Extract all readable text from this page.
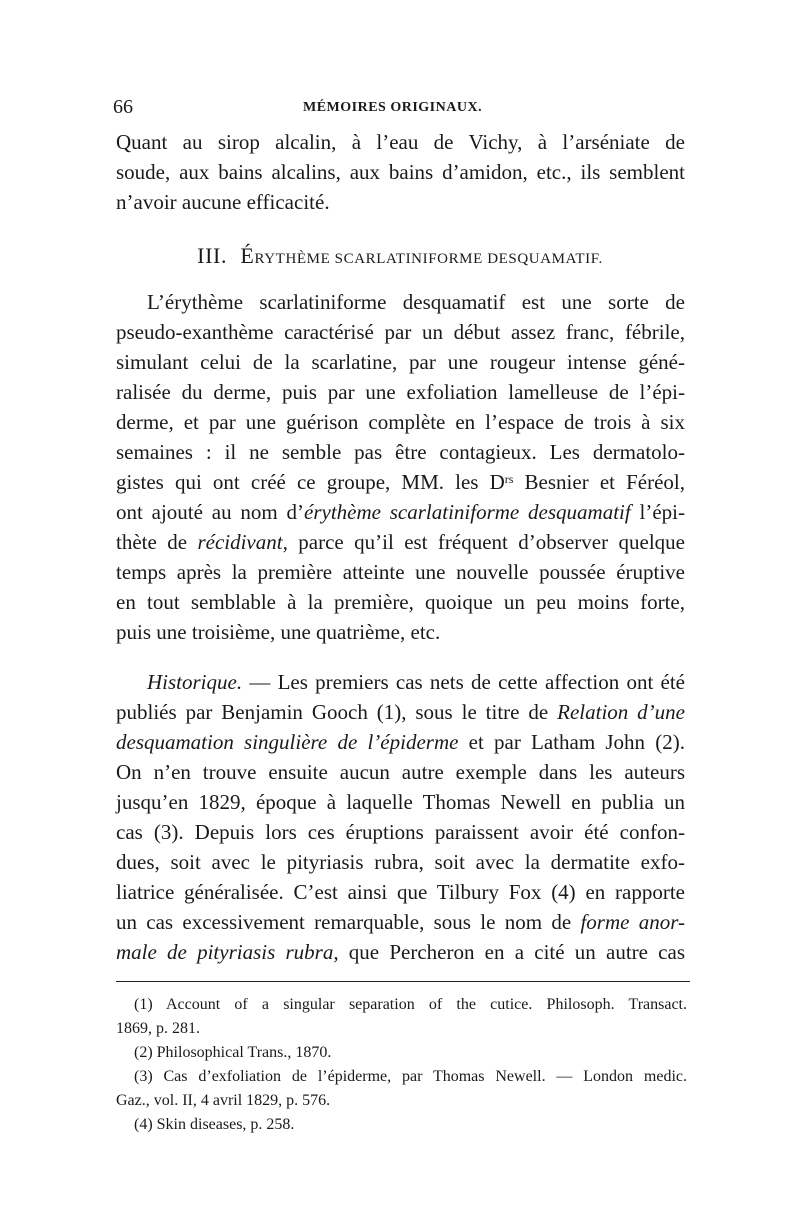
66	MÉMOIRES ORIGINAUX.
Quant au sirop alcalin, à l’eau de Vichy, à l’arséniate de
soude, aux bains alcalins, aux bains d’amidon, etc., ils semblent
n’avoir aucune efficacité.
III. ÉRYTHÈME SCARLATINIFORME DESQUAMATIF.
L’érythème scarlatiniforme desquamatif est une sorte de
pseudo-exanthème caractérisé par un début assez franc, fébrile,
simulant celui de la scarlatine, par une rougeur intense géné-
ralisée du derme, puis par une exfoliation lamelleuse de l’épi-
derme, et par une guérison complète en l’espace de trois à six
semaines : il ne semble pas être contagieux. Les dermatolo-
gistes qui ont créé ce groupe, MM. les $D^{rs}$ Besnier et Féréol,
ont ajouté au nom d’érythème scarlatiniforme desquamatif l’épi-
thète de récidivant, parce qu’il est fréquent d’observer quelque
temps après la première atteinte une nouvelle poussée éruptive
en tout semblable à la première, quoique un peu moins forte,
puis une troisième, une quatrième, etc.
Historique. — Les premiers cas nets de cette affection ont été
publiés par Benjamin Gooch (1), sous le titre de Relation d’une
desquamation singulière de l’épiderme et par Latham John (2).
On n’en trouve ensuite aucun autre exemple dans les auteurs
jusqu’en 1829, époque à laquelle Thomas Newell en publia un
cas (3). Depuis lors ces éruptions paraissent avoir été confon-
dues, soit avec le pityriasis rubra, soit avec la dermatite exfo-
liatrice généralisée. C’est ainsi que Tilbury Fox (4) en rapporte
un cas excessivement remarquable, sous le nom de forme anor-
male de pityriasis rubra, que Percheron en a cité un autre cas
(1) Account of a singular separation of the cutice. Philosoph. Transact.
1869, p. 281.
(2) Philosophical Trans., 1870.
(3) Cas d’exfoliation de l’épiderme, par Thomas Newell. — London medic.
Gaz., vol. II, 4 avril 1829, p. 576.
(4) Skin diseases, p. 258.
